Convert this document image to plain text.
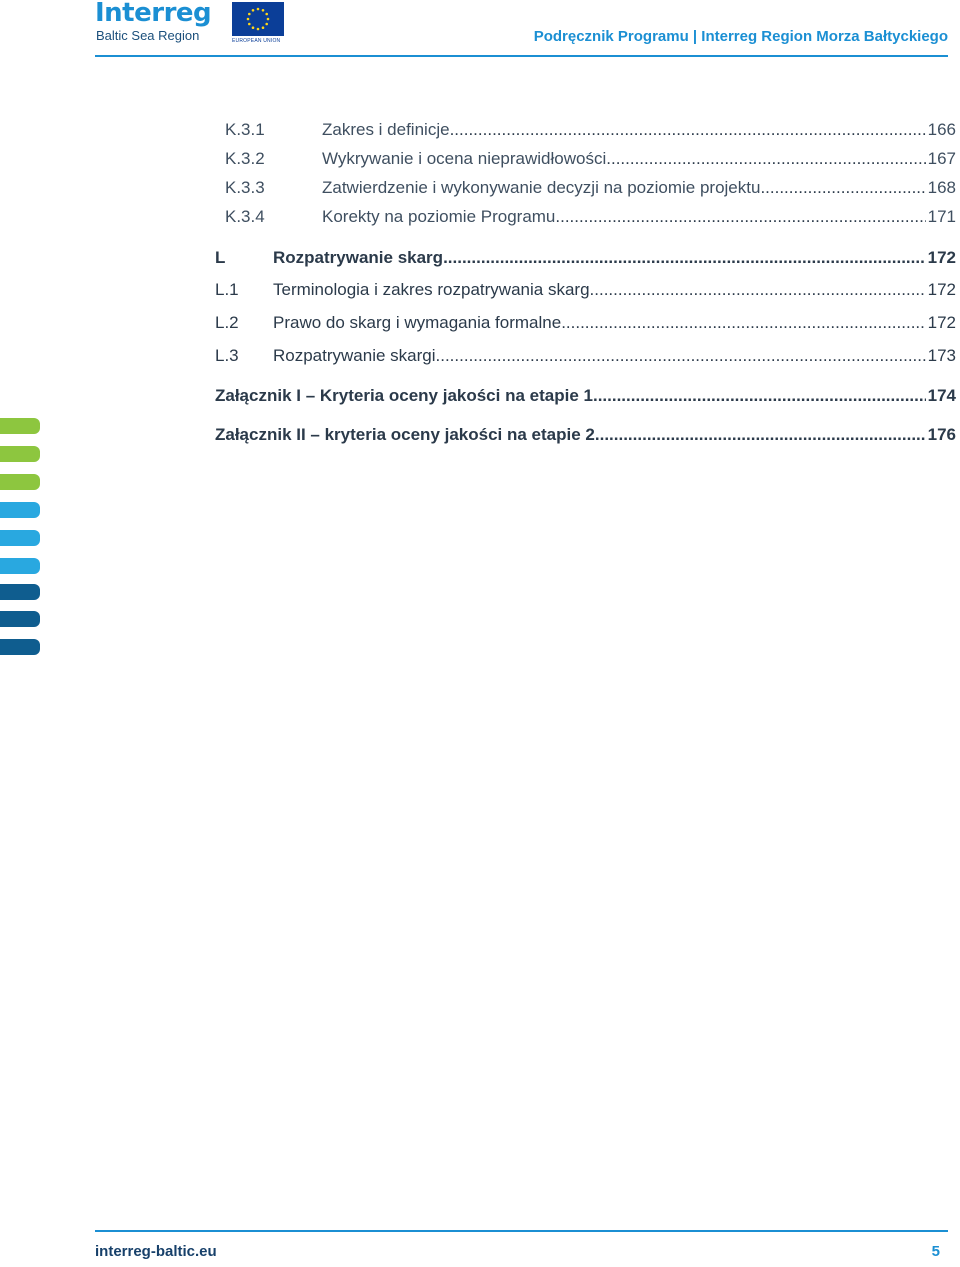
Interreg
Baltic Sea Region	EUROPEAN UNION	Podręcznik Programu | Interreg Region Morza Bałtyckiego
K.3.1	Zakres i definicje .....	166
K.3.2	Wykrywanie i ocena nieprawidłowości .....	167
K.3.3	Zatwierdzenie i wykonywanie decyzji na poziomie projektu .....	168
K.3.4	Korekty na poziomie Programu .....	171
L	Rozpatrywanie skarg .....	172
L.1	Terminologia i zakres rozpatrywania skarg .....	172
L.2	Prawo do skarg i wymagania formalne .....	172
L.3	Rozpatrywanie skargi .....	173
Załącznik I – Kryteria oceny jakości na etapie 1 .....	174
Załącznik II – kryteria oceny jakości na etapie 2 .....	176
interreg-baltic.eu	5
